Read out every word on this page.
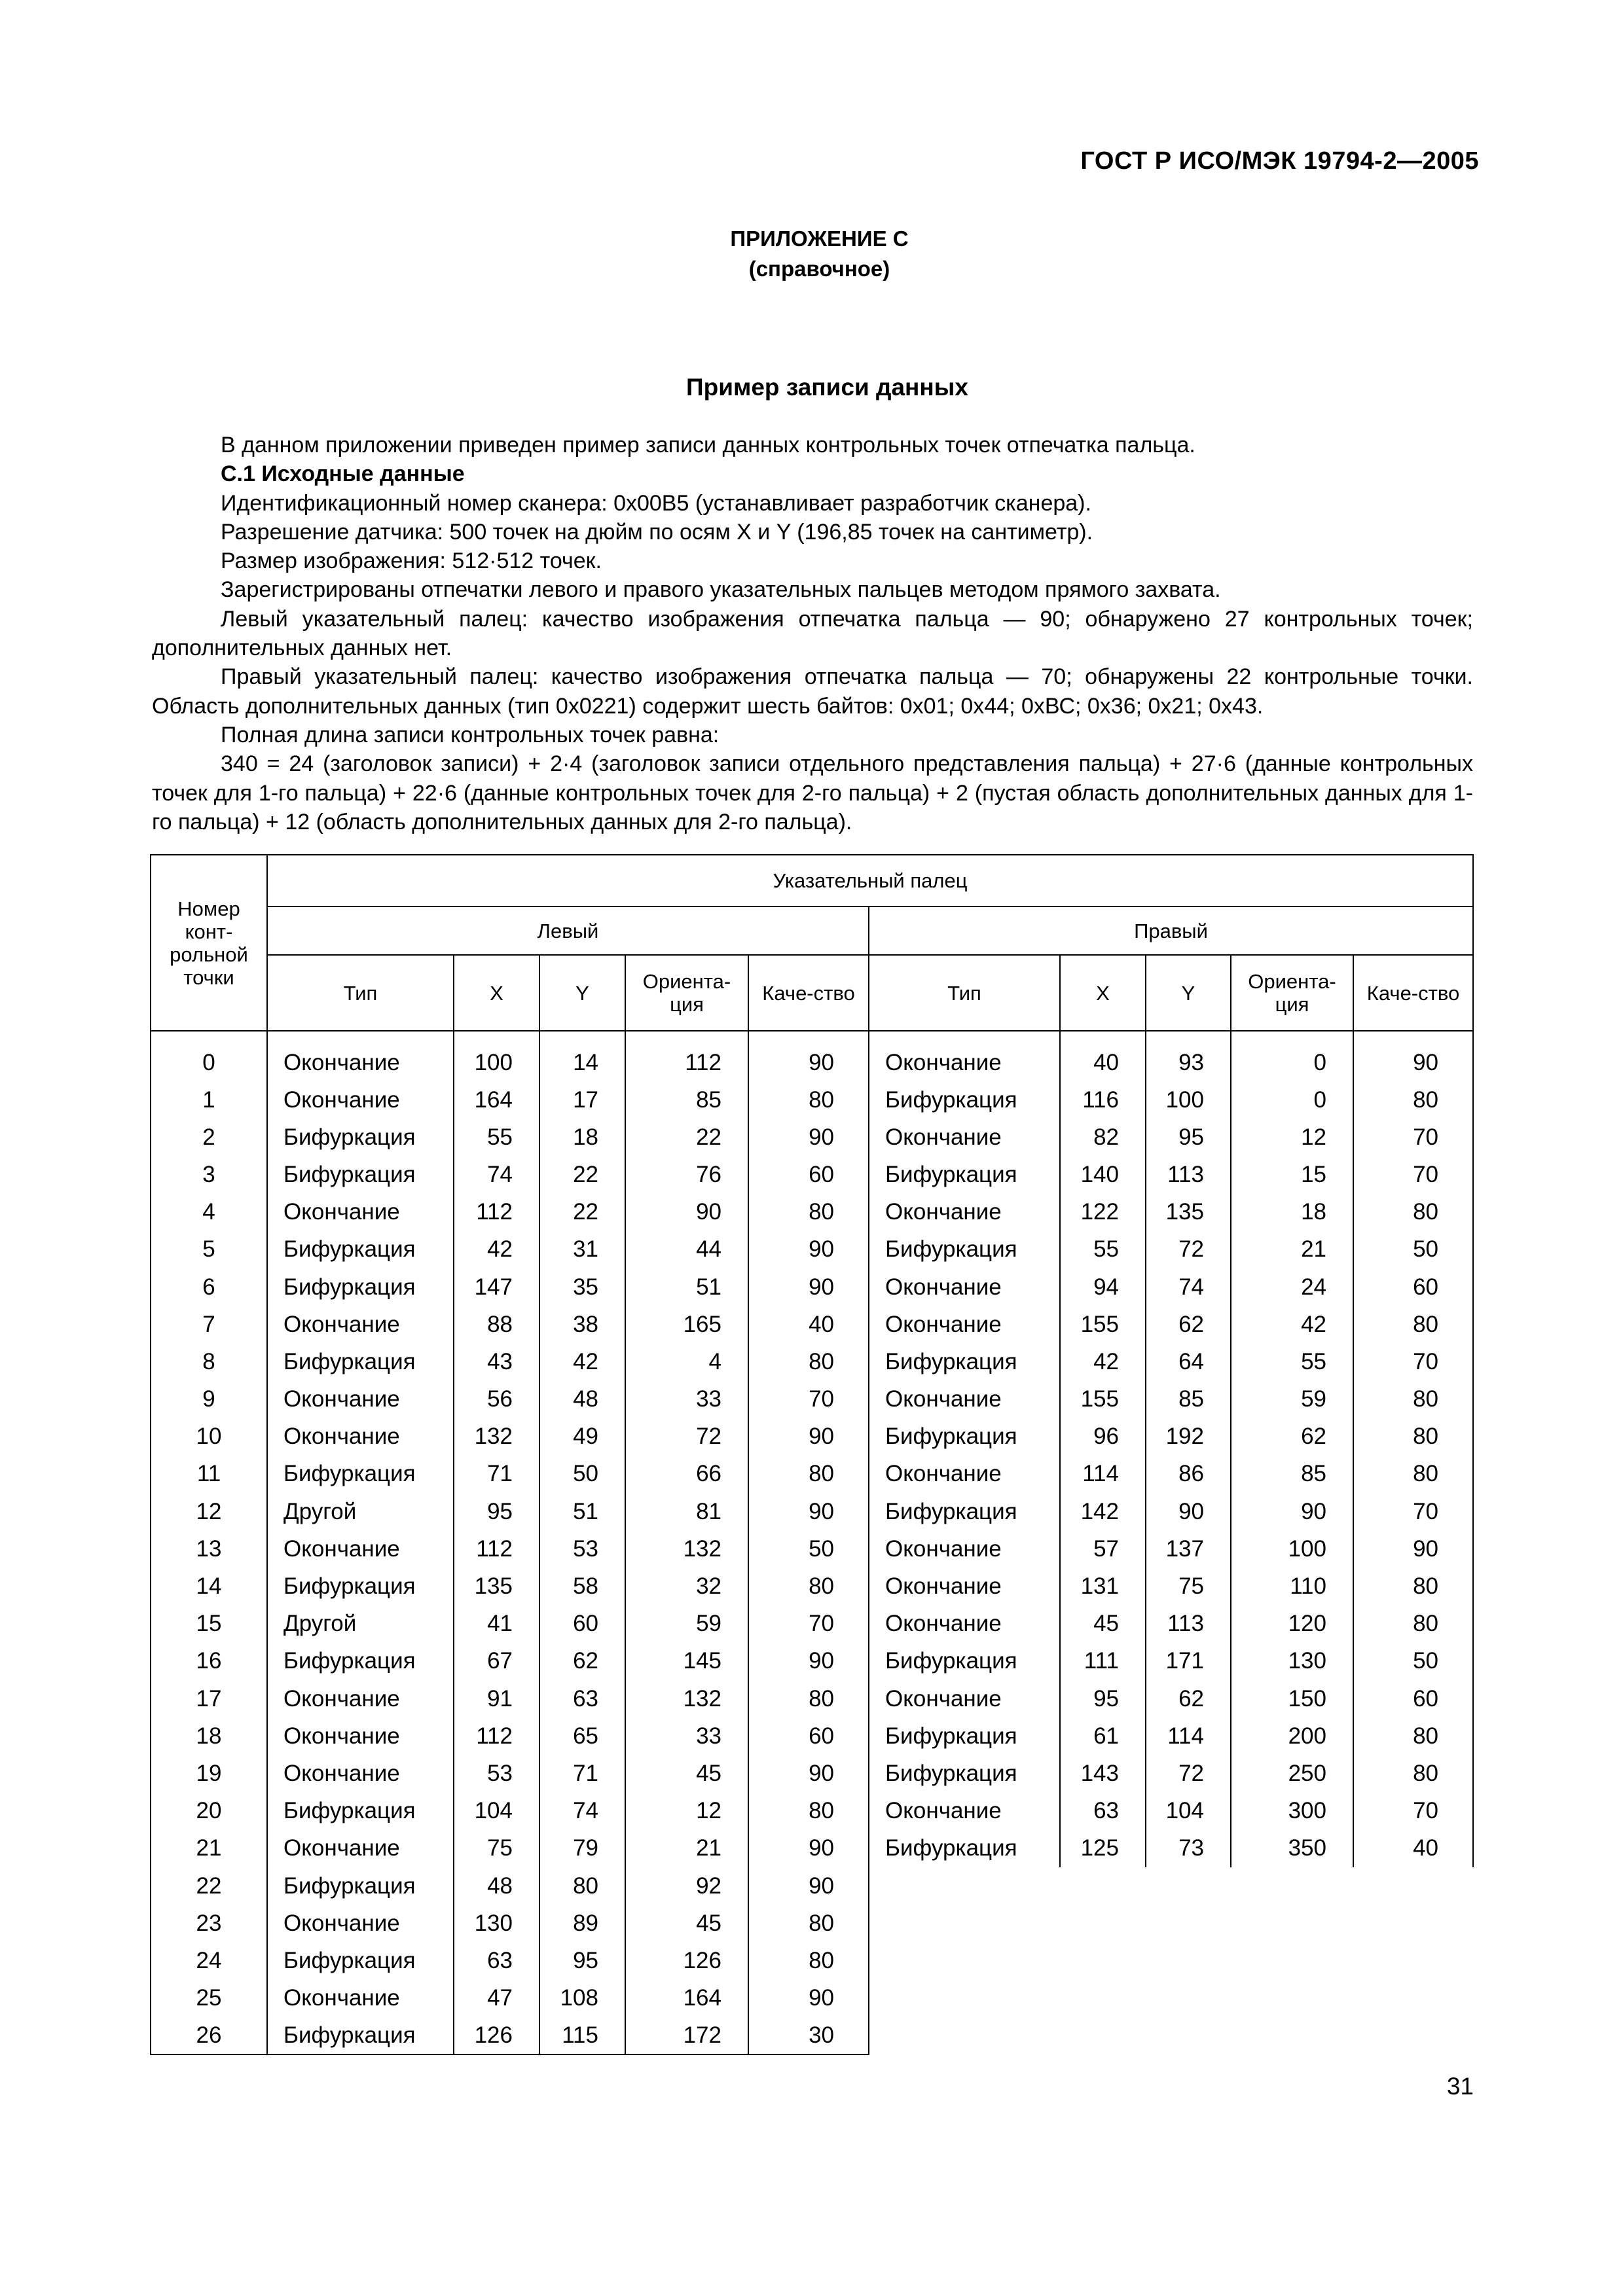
ГОСТ Р ИСО/МЭК 19794-2—2005
ПРИЛОЖЕНИЕ С
(справочное)
Пример записи данных

В данном приложении приведен пример записи данных контрольных точек отпечатка пальца.

С.1 Исходные данные

Идентификационный номер сканера: 0х00В5 (устанавливает разработчик сканера).

Разрешение датчика: 500 точек на дюйм по осям X и Y (196,85 точек на сантиметр).

Размер изображения: 512·512 точек.

Зарегистрированы отпечатки левого и правого указательных пальцев методом прямого захвата.

Левый указательный палец: качество изображения отпечатка пальца — 90; обнаружено 27 контрольных точек; дополнительных данных нет.

Правый указательный палец: качество изображения отпечатка пальца — 70; обнаружены 22 контрольные точки. Область дополнительных данных (тип 0х0221) содержит шесть байтов: 0х01; 0х44; 0хВС; 0х36; 0х21; 0х43.

Полная длина записи контрольных точек равна:

340 = 24 (заголовок записи) + 2·4 (заголовок записи отдельного представления пальца) + 27·6 (данные контрольных точек для 1-го пальца) + 22·6 (данные контрольных точек для 2-го пальца) + 2 (пустая область дополнительных данных для 1-го пальца) + 12 (область дополнительных данных для 2-го пальца).

Номер конт-рольной точки	Указательный палец									
	Левый					Правый				
	Тип	X	Y	Ориента-ция	Каче-ство	Тип	X	Y	Ориента-ция	Каче-ство
0	Окончание	100	14	112	90	Окончание	40	93	0	90
1	Окончание	164	17	85	80	Бифуркация	116	100	0	80
2	Бифуркация	55	18	22	90	Окончание	82	95	12	70
3	Бифуркация	74	22	76	60	Бифуркация	140	113	15	70
4	Окончание	112	22	90	80	Окончание	122	135	18	80
5	Бифуркация	42	31	44	90	Бифуркация	55	72	21	50
6	Бифуркация	147	35	51	90	Окончание	94	74	24	60
7	Окончание	88	38	165	40	Окончание	155	62	42	80
8	Бифуркация	43	42	4	80	Бифуркация	42	64	55	70
9	Окончание	56	48	33	70	Окончание	155	85	59	80
10	Окончание	132	49	72	90	Бифуркация	96	192	62	80
11	Бифуркация	71	50	66	80	Окончание	114	86	85	80
12	Другой	95	51	81	90	Бифуркация	142	90	90	70
13	Окончание	112	53	132	50	Окончание	57	137	100	90
14	Бифуркация	135	58	32	80	Окончание	131	75	110	80
15	Другой	41	60	59	70	Окончание	45	113	120	80
16	Бифуркация	67	62	145	90	Бифуркация	111	171	130	50
17	Окончание	91	63	132	80	Окончание	95	62	150	60
18	Окончание	112	65	33	60	Бифуркация	61	114	200	80
19	Окончание	53	71	45	90	Бифуркация	143	72	250	80
20	Бифуркация	104	74	12	80	Окончание	63	104	300	70
21	Окончание	75	79	21	90	Бифуркация	125	73	350	40
22	Бифуркация	48	80	92	90					
23	Окончание	130	89	45	80					
24	Бифуркация	63	95	126	80					
25	Окончание	47	108	164	90					
26	Бифуркация	126	115	172	30					
31
